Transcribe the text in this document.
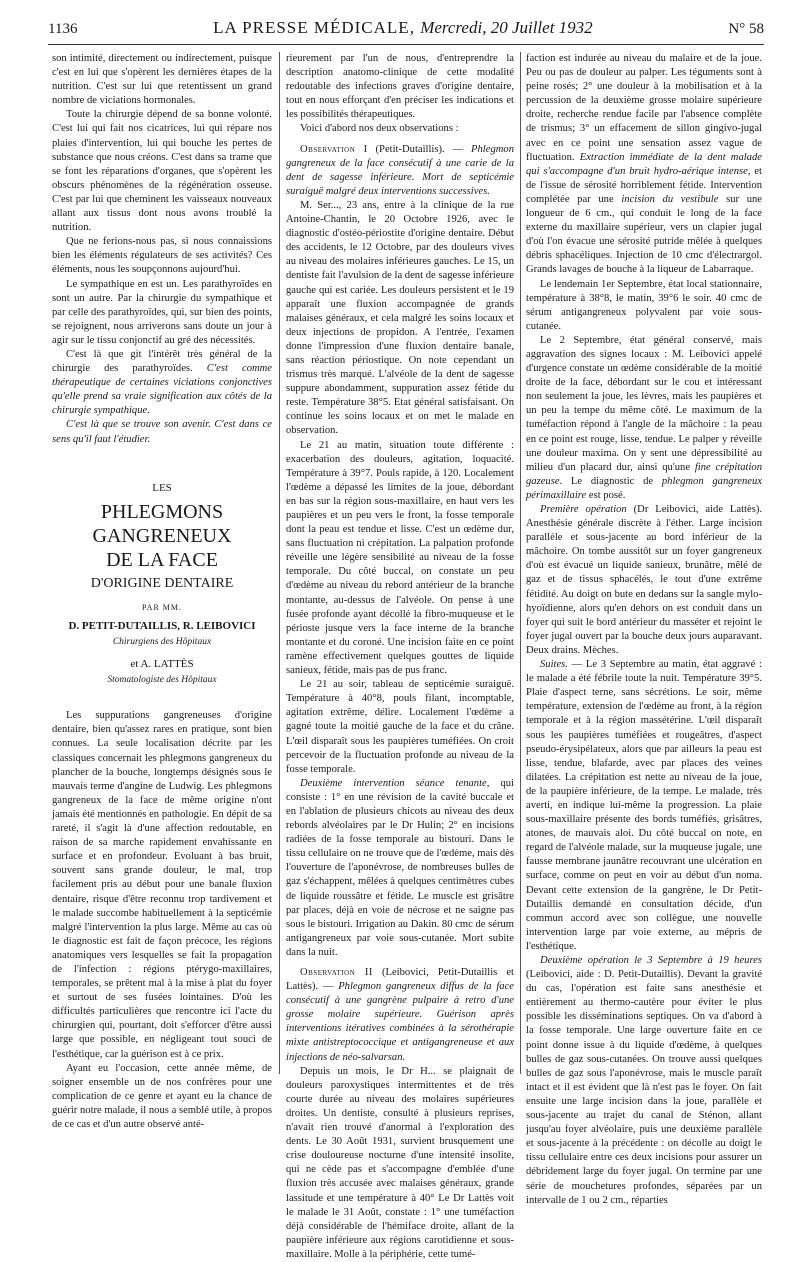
1136	LA PRESSE MÉDICALE, Mercredi, 20 Juillet 1932	N° 58

son intimité, directement ou indirectement, puisque c'est en lui que s'opèrent les dernières étapes de la nutrition. C'est sur lui que retentissent un grand nombre de viciations hormonales.

Toute la chirurgie dépend de sa bonne volonté. C'est lui qui fait nos cicatrices, lui qui répare nos plaies d'intervention, lui qui bouche les pertes de substance que nous créons. C'est dans sa trame que se font les réparations d'organes, que s'opèrent les obscurs phénomènes de la régénération osseuse. C'est par lui que cheminent les vaisseaux nouveaux allant aux tissus dont nous avons troublé la nutrition.

Que ne ferions-nous pas, si nous connaissions bien les éléments régulateurs de ses activités? Ces éléments, nous les soupçonnons aujourd'hui.

Le sympathique en est un. Les parathyroïdes en sont un autre. Par la chirurgie du sympathique et par celle des parathyroïdes, qui, sur bien des points, se rejoignent, nous arriverons sans doute un jour à agir sur le tissu conjonctif au gré des nécessités.

C'est là que git l'intérêt très général de la chirurgie des parathyroïdes. C'est comme thérapeutique de certaines viciations conjonctives qu'elle prend sa vraie signification aux côtés de la chirurgie sympathique.

C'est là que se trouve son avenir. C'est dans ce sens qu'il faut l'étudier.

LES
PHLEGMONS GANGRENEUX
DE LA FACE
D'ORIGINE DENTAIRE
PAR MM.
D. PETIT-DUTAILLIS, R. LEIBOVICI
Chirurgiens des Hôpitaux
et A. LATTÈS
Stomatologiste des Hôpitaux

Les suppurations gangreneuses d'origine dentaire, bien qu'assez rares en pratique, sont bien connues. La seule localisation décrite par les classiques concernait les phlegmons gangreneux du plancher de la bouche, longtemps désignés sous le mauvais terme d'angine de Ludwig. Les phlegmons gangreneux de la face de même origine n'ont jamais été mentionnés en pathologie. En dépit de sa rareté, il s'agit là d'une affection redoutable, en raison de sa marche rapidement envahissante en surface et en profondeur. Evoluant à bas bruit, souvent sans grande douleur, le mal, trop facilement pris au début pour une banale fluxion dentaire, risque d'être reconnu trop tardivement et le malade succombe habituellement à la septicémie malgré l'intervention la plus large. Même au cas où le diagnostic est fait de façon précoce, les régions anatomiques vers lesquelles se fait la propagation de l'infection : régions ptérygo-maxillaires, temporales, se prêtent mal à la mise à plat du foyer et surtout de ses fusées lointaines. D'où les difficultés particulières que rencontre ici l'acte du chirurgien qui, pourtant, doit s'efforcer d'être aussi large que possible, en négligeant tout souci de l'esthétique, car la guérison est à ce prix.

Ayant eu l'occasion, cette année même, de soigner ensemble un de nos confrères pour une complication de ce genre et ayant eu la chance de guérir notre malade, il nous a semblé utile, à propos de ce cas et d'un autre observé anté-

rieurement par l'un de nous, d'entreprendre la description anatomo-clinique de cette modalité redoutable des infections graves d'origine dentaire, tout en nous efforçant d'en préciser les indications et les possibilités thérapeutiques.

Voici d'abord nos deux observations :

Observation I (Petit-Dutaillis). — Phlegmon gangreneux de la face consécutif à une carie de la dent de sagesse inférieure. Mort de septicémie suraiguë malgré deux interventions successives.

M. Ser..., 23 ans, entre à la clinique de la rue Antoine-Chantin, le 20 Octobre 1926, avec le diagnostic d'ostéo-périostite d'origine dentaire. Début des accidents, le 12 Octobre, par des douleurs vives au niveau des molaires inférieures gauches. Le 15, un dentiste fait l'avulsion de la dent de sagesse inférieure gauche qui est cariée. Les douleurs persistent et le 19 apparaît une fluxion accompagnée de grands malaises généraux, et cela malgré les soins locaux et deux injections de propidon. A l'entrée, l'examen donne l'impression d'une fluxion dentaire banale, sans réaction périostique. On note cependant un trismus très marqué. L'alvéole de la dent de sagesse suppure abondamment, suppuration assez fétide du reste. Température 38°5. Etat général satisfaisant. On continue les soins locaux et on met le malade en observation.

Le 21 au matin, situation toute différente : exacerbation des douleurs, agitation, loquacité. Température à 39°7. Pouls rapide, à 120. Localement l'œdème a dépassé les limites de la joue, débordant en bas sur la région sous-maxillaire, en haut vers les paupières et un peu vers le front, la fosse temporale dont la peau est tendue et lisse. C'est un œdème dur, sans fluctuation ni crépitation. La palpation profonde réveille une légère sensibilité au niveau de la fosse temporale. Du côté buccal, on constate un peu d'œdème au niveau du rebord antérieur de la branche montante, au-dessus de l'alvéole. On pense à une fusée profonde ayant décollé la fibro-muqueuse et le périoste jusque vers la face interne de la branche montante et du coroné. Une incision faite en ce point ramène effectivement quelques gouttes de liquide sanieux, fétide, mais pas de pus franc.

Le 21 au soir, tableau de septicémie suraiguë. Température à 40°8, pouls filant, incomptable, agitation extrême, délire. Localement l'œdème a gagné toute la moitié gauche de la face et du crâne. L'œil disparaît sous les paupières tuméfiées. On croit percevoir de la fluctuation profonde au niveau de la fosse temporale.

Deuxième intervention séance tenante, qui consiste : 1° en une révision de la cavité buccale et en l'ablation de plusieurs chicots au niveau des deux rebords alvéolaires par le Dr Hulin; 2° en incisions radiées de la fosse temporale au bistouri. Dans le tissu cellulaire on ne trouve que de l'œdème, mais dès l'ouverture de l'aponévrose, de nombreuses bulles de gaz s'échappent, mêlées à quelques centimètres cubes de liquide roussâtre et fétide. Le muscle est grisâtre par places, déjà en voie de nécrose et ne saigne pas sous le bistouri. Irrigation au Dakin. 80 cmc de sérum antigangreneux par voie sous-cutanée. Mort subite dans la nuit.

Observation II (Leibovici, Petit-Dutaillis et Lattès). — Phlegmon gangreneux diffus de la face consécutif à une gangrène pulpaire à retro d'une grosse molaire supérieure. Guérison après interventions itératives combinées à la sérothérapie mixte antistreptococcique et antigangreneuse et aux injections de néo-salvarsan.

Depuis un mois, le Dr H... se plaignait de douleurs paroxystiques intermittentes et de très courte durée au niveau des molaires supérieures droites. Un dentiste, consulté à plusieurs reprises, n'avait rien trouvé d'anormal à l'exploration des dents. Le 30 Août 1931, survient brusquement une crise douloureuse nocturne d'une intensité insolite, qui ne cède pas et s'accompagne d'emblée d'une fluxion très accusée avec malaises généraux, grande lassitude et une température à 40° Le Dr Lattès voit le malade le 31 Août, constate : 1° une tuméfaction déjà considérable de l'hémiface droite, allant de la paupière inférieure aux régions carotidienne et sous-maxillaire. Molle à la périphérie, cette tumé-

faction est indurée au niveau du malaire et de la joue. Peu ou pas de douleur au palper. Les téguments sont à peine rosés; 2° une douleur à la mobilisation et à la percussion de la deuxième grosse molaire supérieure droite, recherche rendue facile par l'absence complète de trismus; 3° un effacement de sillon gingivo-jugal avec en ce point une sensation assez vague de fluctuation. Extraction immédiate de la dent malade qui s'accompagne d'un bruit hydro-aérique intense, et de l'issue de sérosité horriblement fétide. Intervention complétée par une incision du vestibule sur une longueur de 6 cm., qui conduit le long de la face externe du maxillaire supérieur, vers un clapier jugal d'où l'on évacue une sérosité putride mêlée à quelques débris sphacéliques. Injection de 10 cmc d'électrargol. Grands lavages de bouche à la liqueur de Labarraque.

Le lendemain 1er Septembre, état local stationnaire, température à 38°8, le matin, 39°6 le soir. 40 cmc de sérum antigangreneux polyvalent par voie sous-cutanée.

Le 2 Septembre, état général conservé, mais aggravation des signes locaux : M. Leibovici appelé d'urgence constate un œdème considérable de la moitié droite de la face, débordant sur le cou et intéressant non seulement la joue, les lèvres, mais les paupières et un peu la tempe du même côté. Le maximum de la tuméfaction répond à l'angle de la mâchoire : la peau en ce point est rouge, lisse, tendue. Le palper y réveille une douleur maxima. On y sent une dépressibilité au milieu d'un placard dur, ainsi qu'une fine crépitation gazeuse. Le diagnostic de phlegmon gangreneux périmaxillaire est posé.

Première opération (Dr Leibovici, aide Lattès). Anesthésie générale discrète à l'éther. Large incision parallèle et sous-jacente au bord inférieur de la mâchoire. On tombe aussitôt sur un foyer gangreneux d'où est évacué un liquide sanieux, brunâtre, mêlé de gaz et de tissus sphacélés, le tout d'une extrême fétidité. Au doigt on bute en dedans sur la sangle mylo-hyoïdienne, alors qu'en dehors on est conduit dans un foyer qui suit le bord antérieur du masséter et rejoint le foyer jugal ouvert par la bouche deux jours auparavant. Deux drains. Mèches.

Suites. — Le 3 Septembre au matin, état aggravé : le malade a été fébrile toute la nuit. Température 39°5. Plaie d'aspect terne, sans sécrétions. Le soir, même température, extension de l'œdème au front, à la région temporale et à la région massétérine. L'œil disparaît sous les paupières tuméfiées et rougeâtres, d'aspect pseudo-érysipélateux, alors que par ailleurs la peau est lisse, tendue, blafarde, avec par places des veines dilatées. La crépitation est nette au niveau de la joue, de la paupière inférieure, de la tempe. Le malade, très averti, en indique lui-même la progression. La plaie sous-maxillaire présente des bords tuméfiés, grisâtres, atones, de mauvais aloi. Du côté buccal on note, en regard de l'alvéole malade, sur la muqueuse jugale, une fausse membrane jaunâtre recouvrant une ulcération en surface, comme on peut en voir au début d'un noma. Devant cette extension de la gangrène, le Dr Petit-Dutaillis demandé en consultation décide, d'un commun accord avec son collègue, une nouvelle intervention large par voie externe, au mépris de l'esthétique.

Deuxième opération le 3 Septembre à 19 heures (Leibovici, aide : D. Petit-Dutaillis). Devant la gravité du cas, l'opération est faite sans anesthésie et entièrement au thermo-cautère pour éviter le plus possible les disséminations septiques. On va d'abord à la fosse temporale. Une large ouverture faite en ce point donne issue à du liquide d'œdème, à quelques bulles de gaz sous-cutanées. On trouve aussi quelques bulles de gaz sous l'aponévrose, mais le muscle paraît intact et il est évident que là n'est pas le foyer. On fait ensuite une large incision dans la joue, parallèle et sous-jacente au trajet du canal de Sténon, allant jusqu'au foyer alvéolaire, puis une deuxième parallèle et sous-jacente à la précédente : on décolle au doigt le tissu cellulaire entre ces deux incisions pour assurer un débridement large du foyer jugal. On termine par une série de mouchetures profondes, séparées par un intervalle de 1 ou 2 cm., réparties
